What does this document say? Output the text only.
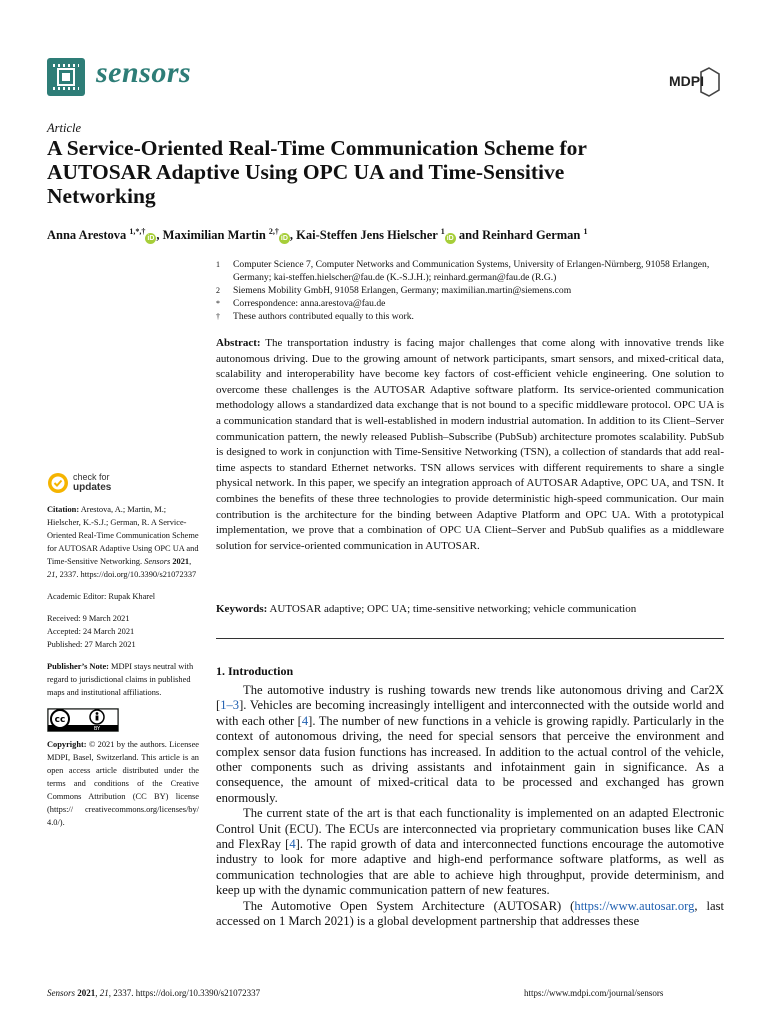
sensors	MDPI
Article
A Service-Oriented Real-Time Communication Scheme for AUTOSAR Adaptive Using OPC UA and Time-Sensitive Networking
Anna Arestova $^{1,*,\dagger}$iD , Maximilian Martin $^{2,\dagger}$iD , Kai-Steffen Jens Hielscher $^1$iD and Reinhard German $^1$
1	Computer Science 7, Computer Networks and Communication Systems, University of Erlangen-Nürnberg, 91058 Erlangen, Germany; kai-steffen.hielscher@fau.de (K.-S.J.H.); reinhard.german@fau.de (R.G.)
2	Siemens Mobility GmbH, 91058 Erlangen, Germany; maximilian.martin@siemens.com
*	Correspondence: anna.arestova@fau.de
†	These authors contributed equally to this work.
Abstract: The transportation industry is facing major challenges that come along with innovative trends like autonomous driving. Due to the growing amount of network participants, smart sensors, and mixed-critical data, scalability and interoperability have become key factors of cost-efficient vehicle engineering. One solution to overcome these challenges is the AUTOSAR Adaptive software platform. Its service-oriented communication methodology allows a standardized data exchange that is not bound to a specific middleware protocol. OPC UA is a communication standard that is well-established in modern industrial automation. In addition to its Client–Server communication pattern, the newly released Publish–Subscribe (PubSub) architecture promotes scalability. PubSub is designed to work in conjunction with Time-Sensitive Networking (TSN), a collection of standards that add real-time aspects to standard Ethernet networks. TSN allows services with different requirements to share a single physical network. In this paper, we specify an integration approach of AUTOSAR Adaptive, OPC UA, and TSN. It combines the benefits of these three technologies to provide deterministic high-speed communication. Our main contribution is the architecture for the binding between Adaptive Platform and OPC UA. With a prototypical implementation, we prove that a combination of OPC UA Client–Server and PubSub qualifies as a middleware solution for service-oriented communication in AUTOSAR.
Keywords: AUTOSAR adaptive; OPC UA; time-sensitive networking; vehicle communication
check for
updates
Citation: Arestova, A.; Martin, M.; Hielscher, K.-S.J.; German, R. A Service-Oriented Real-Time Communication Scheme for AUTOSAR Adaptive Using OPC UA and Time-Sensitive Networking. Sensors 2021, 21, 2337. https://doi.org/10.3390/s21072337
Academic Editor: Rupak Kharel
Received: 9 March 2021
Accepted: 24 March 2021
Published: 27 March 2021
Publisher’s Note: MDPI stays neutral with regard to jurisdictional claims in published maps and institutional affiliations.
cc
BY
Copyright: © 2021 by the authors. Licensee MDPI, Basel, Switzerland. This article is an open access article distributed under the terms and conditions of the Creative Commons Attribution (CC BY) license (https:// creativecommons.org/licenses/by/ 4.0/).
1. Introduction

The automotive industry is rushing towards new trends like autonomous driving and Car2X [1–3]. Vehicles are becoming increasingly intelligent and interconnected with the outside world and with each other [4]. The number of new functions in a vehicle is growing rapidly. Particularly in the context of autonomous driving, the need for special sensors that perceive the environment and complex sensor data fusion functions has increased. In addition to the actual control of the vehicle, other components such as driving assistants and infotainment gain in significance. As a consequence, the amount of mixed-critical data to be processed and exchanged has grown enormously.

The current state of the art is that each functionality is implemented on an adapted Electronic Control Unit (ECU). The ECUs are interconnected via proprietary communication buses like CAN and FlexRay [4]. The rapid growth of data and interconnected functions encourage the automotive industry to look for more adaptive and high-end performance software platforms, as well as communication technologies that are able to achieve high throughput, provide determinism, and keep up with the dynamic communication pattern of new features.

The Automotive Open System Architecture (AUTOSAR) (https://www.autosar.org, last accessed on 1 March 2021) is a global development partnership that addresses these

Sensors 2021, 21, 2337. https://doi.org/10.3390/s21072337	https://www.mdpi.com/journal/sensors
